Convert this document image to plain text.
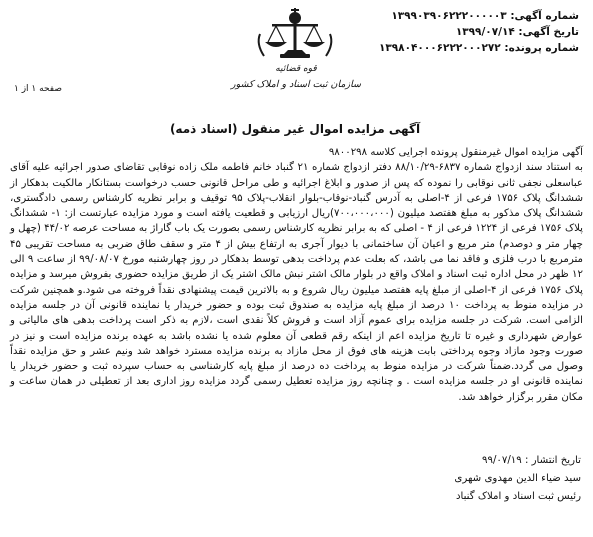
شماره آگهی: ۱۳۹۹۰۳۹۰۶۲۲۲۰۰۰۰۰۳
تاریخ آگهی: ۱۳۹۹/۰۷/۱۴
شماره پرونده: ۱۳۹۸۰۴۰۰۰۶۲۲۲۰۰۰۲۷۲
قوه قضائیه
سازمان ثبت اسناد و املاک کشور
صفحه ۱ از ۱
آگهی مزایده اموال غیر منقول (اسناد ذمه)

آگهی مزایده اموال غیرمنقول پرونده اجرایی کلاسه ۹۸۰۰۲۹۸

به استناد سند ازدواج شماره ۶۸۳۷-۸۸/۱۰/۲۹ دفتر ازدواج شماره ۲۱ گنباد خانم فاطمه ملک زاده نوقابی تقاضای صدور اجرائیه علیه آقای عباسعلی نجفی ثانی نوقابی را نموده که پس از صدور و ابلاغ اجرائیه و طی مراحل قانونی حسب درخواست بستانکار مالکیت بدهکار از ششدانگ پلاک ۱۷۵۶ فرعی از ۴-اصلی به آدرس گنباد-نوقاب-بلوار انقلاب-پلاک ۹۵ توقیف و برابر نظریه کارشناس رسمی دادگستری، ششدانگ پلاک مذکور به مبلغ هفتصد میلیون (۷۰۰،۰۰۰،۰۰۰)ریال ارزیابی و قطعیت یافته است و مورد مزایده عبارتست از: ۱- ششدانگ پلاک ۱۷۵۶ فرعی از ۱۲۲۴ فرعی از ۴ - اصلی که به برابر نظریه کارشناس رسمی بصورت یک باب گاراژ به مساحت عرصه ۴۴/۰۲ (چهل و چهار متر و دوصدم) متر مربع و اعیان آن ساختمانی با دیوار آجری به ارتفاع بیش از ۴ متر و سقف طاق ضربی به مساحت تقریبی ۴۵ مترمربع با درب فلزی و فاقد نما می باشد، که بعلت عدم پرداخت بدهی توسط بدهکار در روز چهارشنبه مورخ ۹۹/۰۸/۰۷ از ساعت ۹ الی ۱۲ ظهر در محل اداره ثبت اسناد و املاک واقع در بلوار مالک اشتر نبش مالک اشتر یک از طریق مزایده حضوری بفروش میرسد و مزایده پلاک ۱۷۵۶ فرعی از ۴-اصلی از مبلغ پایه هفتصد میلیون ریال شروع و به بالاترین قیمت پیشنهادی نقداً فروخته می شود.و همچنین شرکت در مزایده منوط به پرداخت ۱۰ درصد از مبلغ پایه مزایده به صندوق ثبت بوده و حضور خریدار یا نماینده قانونی آن در جلسه مزایده الزامی است. شرکت در جلسه مزایده برای عموم آزاد است و فروش کلاً نقدی است ،لازم به ذکر است پرداخت بدهی های مالیاتی و عوارض شهرداری و غیره تا تاریخ مزایده اعم از اینکه رقم قطعی آن معلوم شده یا نشده باشد به عهده برنده مزایده است و نیز در صورت وجود مازاد وجوه پرداختی بابت هزینه های فوق از محل مازاد به برنده مزایده مسترد خواهد شد ونیم عشر و حق مزایده نقداً وصول می گردد.ضمناً شرکت در مزایده منوط به پرداخت ده درصد از مبلغ پایه کارشناسی به حساب سپرده ثبت و حضور خریدار یا نماینده قانونی او در جلسه مزایده است . و چنانچه روز مزایده تعطیل رسمی گردد مزایده روز اداری بعد از تعطیلی در همان ساعت و مکان مقرر برگزار خواهد شد.

تاریخ انتشار : ۹۹/۰۷/۱۹
سید ضیاء الدین مهدوی شهری
رئیس ثبت اسناد و املاک گنباد
